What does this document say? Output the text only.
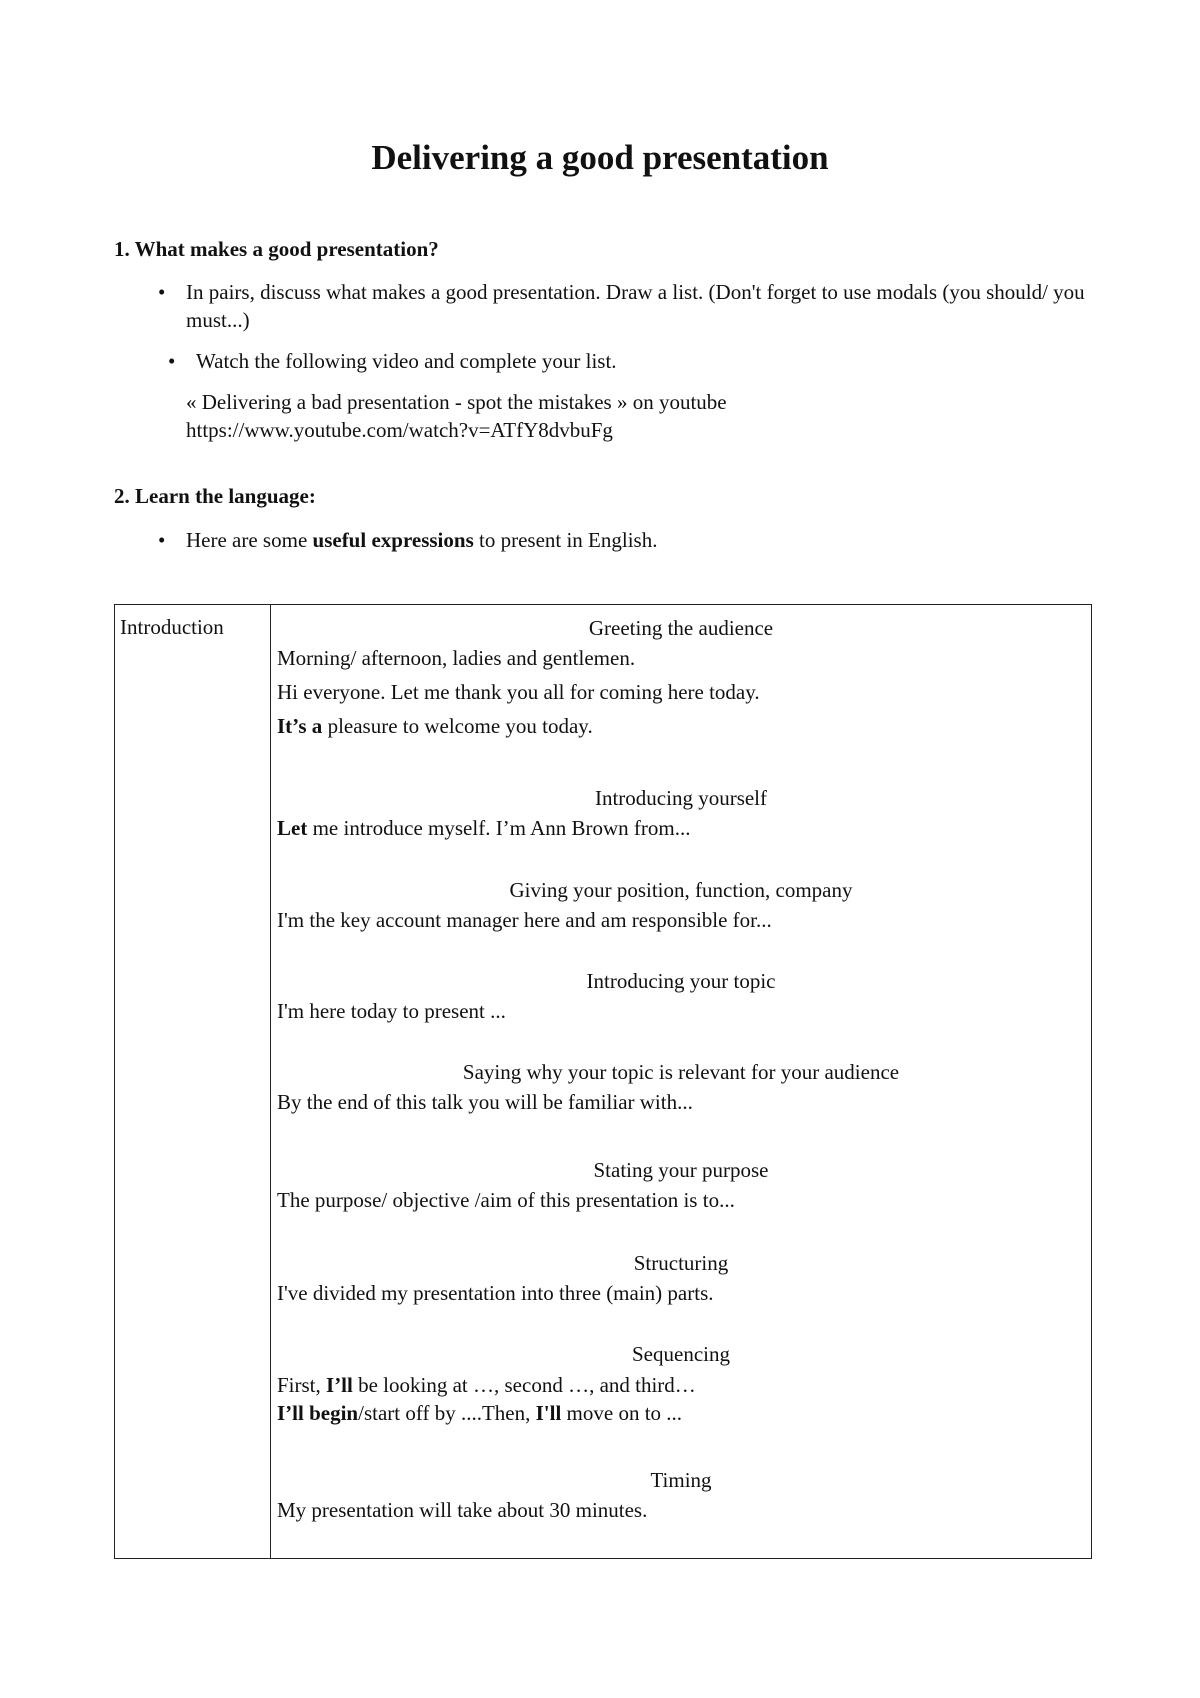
Delivering a good presentation
1. What makes a good presentation?
• In pairs, discuss what makes a good presentation. Draw a list. (Don't forget to use modals (you should/ you must...)
• Watch the following video and complete your list.
« Delivering a bad presentation - spot the mistakes » on youtube
https://www.youtube.com/watch?v=ATfY8dvbuFg
2. Learn the language:
• Here are some useful expressions to present in English.
Introduction	Greeting the audience
Morning/ afternoon, ladies and gentlemen.
Hi everyone. Let me thank you all for coming here today.
It’s a pleasure to welcome you today.
Introducing yourself
Let me introduce myself. I’m Ann Brown from...
Giving your position, function, company
I'm the key account manager here and am responsible for...
Introducing your topic
I'm here today to present ...
Saying why your topic is relevant for your audience
By the end of this talk you will be familiar with...
Stating your purpose
The purpose/ objective /aim of this presentation is to...
Structuring
I've divided my presentation into three (main) parts.
Sequencing
First, I’ll be looking at …, second …, and third…
I’ll begin/start off by ....Then, I'll move on to ...
Timing
My presentation will take about 30 minutes.
